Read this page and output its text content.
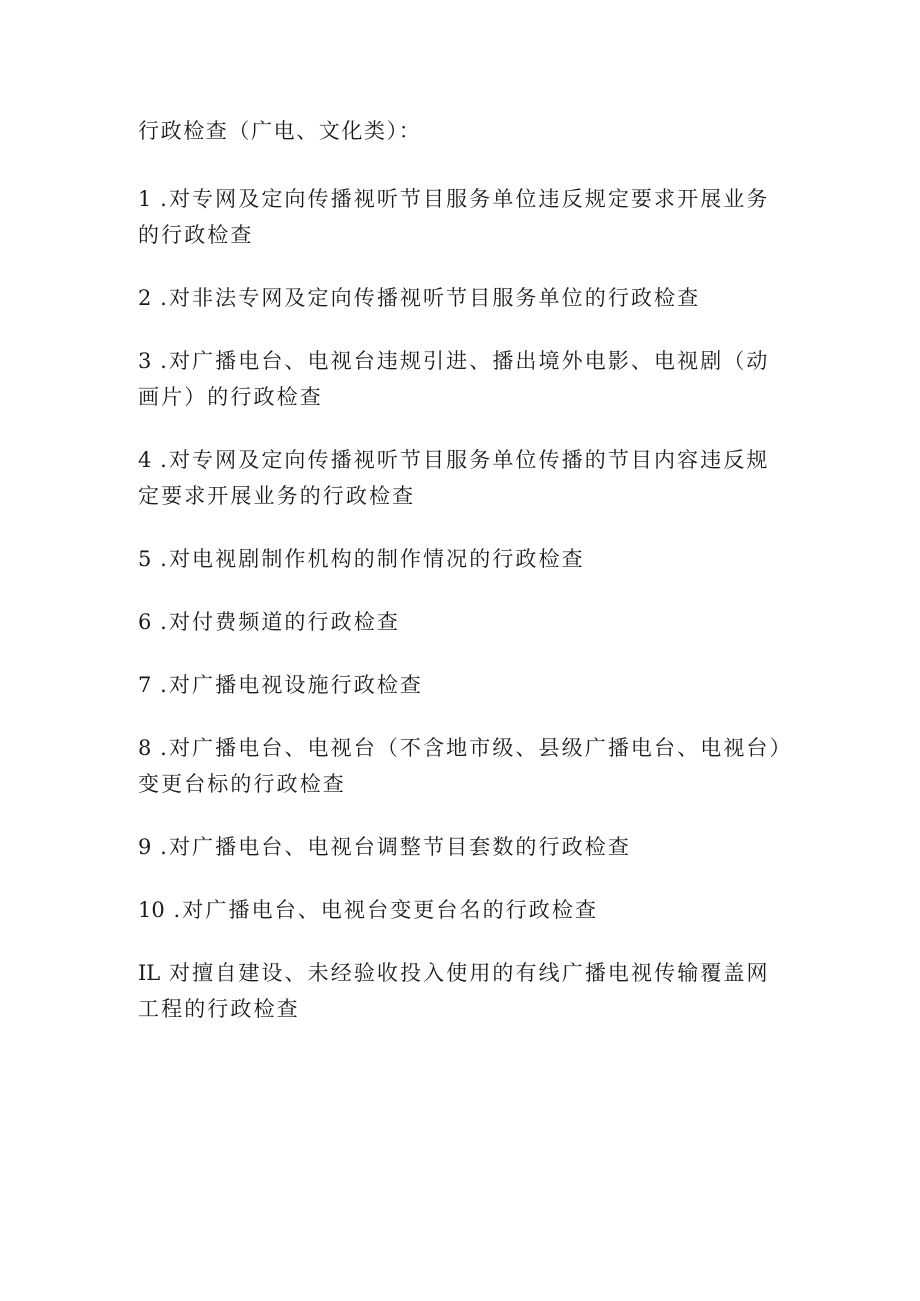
行政检查（广电、文化类）：

1 .对专网及定向传播视听节目服务单位违反规定要求开展业务的行政检查

2 .对非法专网及定向传播视听节目服务单位的行政检查

3 .对广播电台、电视台违规引进、播出境外电影、电视剧（动画片）的行政检查

4 .对专网及定向传播视听节目服务单位传播的节目内容违反规定要求开展业务的行政检查

5 .对电视剧制作机构的制作情况的行政检查

6 .对付费频道的行政检查

7 .对广播电视设施行政检查

8 .对广播电台、电视台（不含地市级、县级广播电台、电视台）变更台标的行政检查

9 .对广播电台、电视台调整节目套数的行政检查

10 .对广播电台、电视台变更台名的行政检查

IL 对擅自建设、未经验收投入使用的有线广播电视传输覆盖网工程的行政检查
